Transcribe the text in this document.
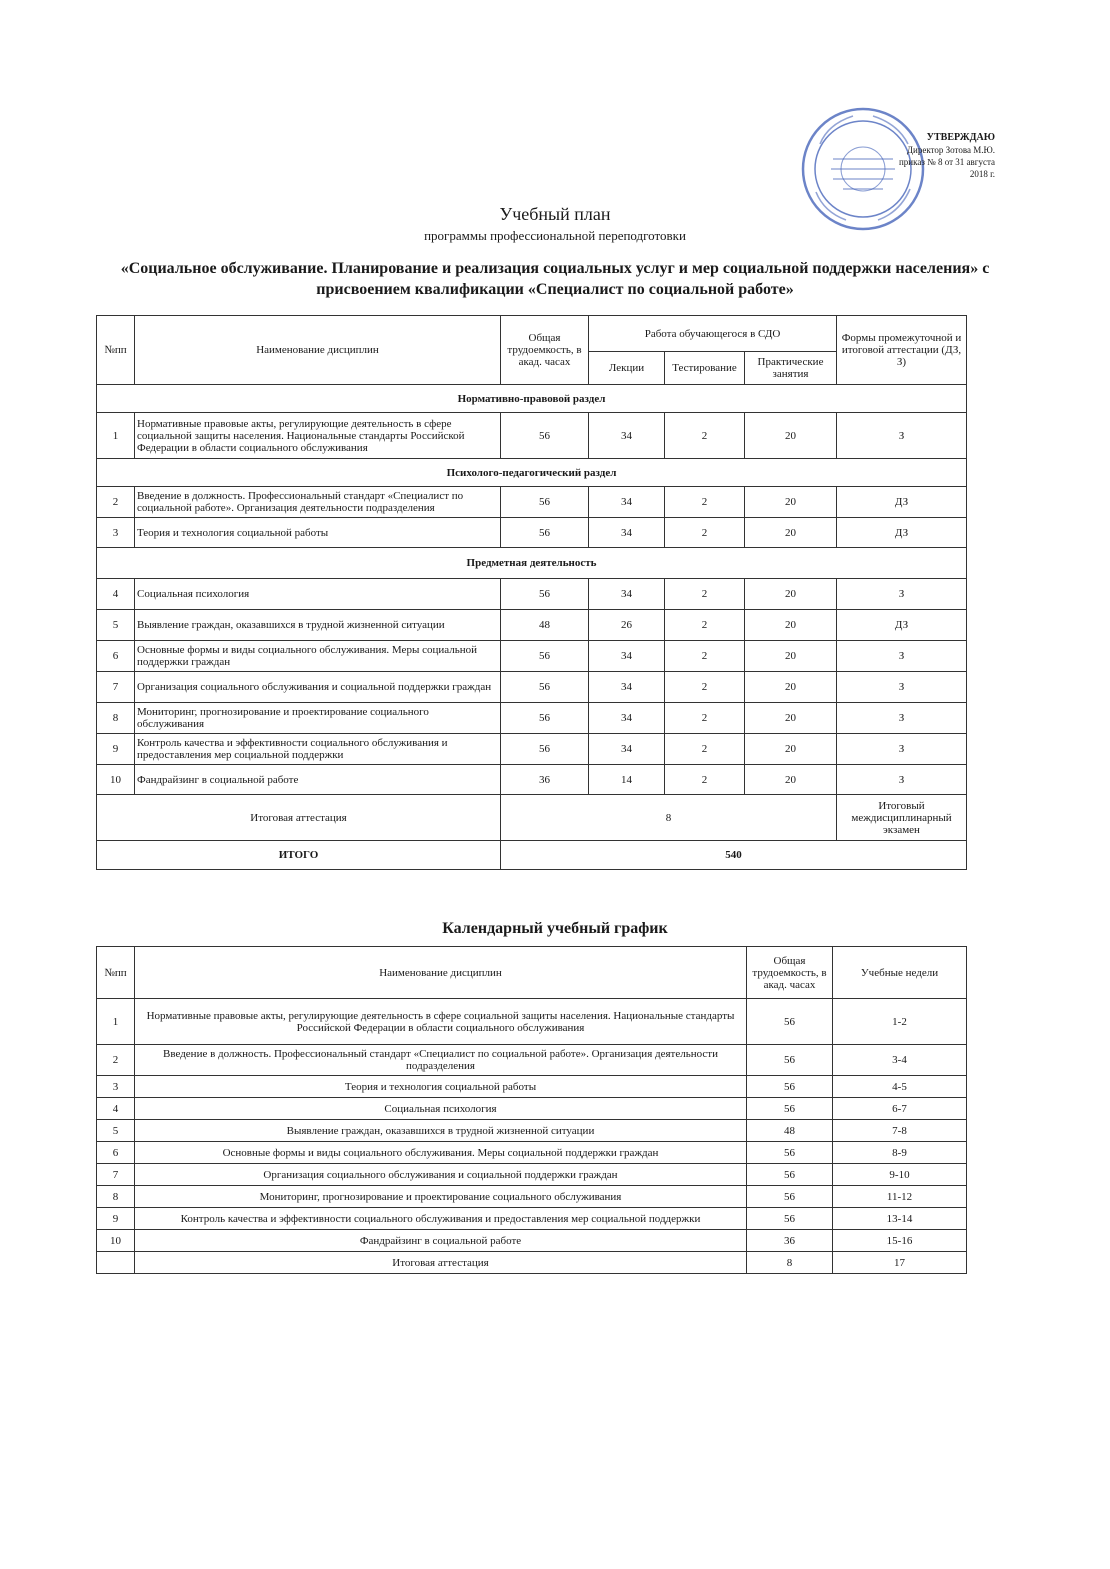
УТВЕРЖДАЮ
Директор Зотова М.Ю.
приказ № 8 от 31 августа 2018 г.
Учебный план
программы профессиональной переподготовки
«Социальное обслуживание. Планирование и реализация социальных услуг и мер социальной поддержки населения» с присвоением квалификации «Специалист по социальной работе»
№пп	Наименование дисциплин	Общая трудоемкость, в акад. часах	Работа обучающегося в СДО			Формы промежуточной и итоговой аттестации (ДЗ, З)
			Лекции	Тестирование	Практические занятия	
Нормативно-правовой раздел						
1	Нормативные правовые акты, регулирующие деятельность в сфере социальной защиты населения. Национальные стандарты Российской Федерации в области социального обслуживания	56	34	2	20	З
Психолого-педагогический раздел						
2	Введение в должность. Профессиональный стандарт «Специалист по социальной работе». Организация деятельности подразделения	56	34	2	20	ДЗ
3	Теория и технология социальной работы	56	34	2	20	ДЗ
Предметная деятельность						
4	Социальная психология	56	34	2	20	З
5	Выявление граждан, оказавшихся в трудной жизненной ситуации	48	26	2	20	ДЗ
6	Основные формы и виды социального обслуживания. Меры социальной поддержки граждан	56	34	2	20	З
7	Организация социального обслуживания и социальной поддержки граждан	56	34	2	20	З
8	Мониторинг, прогнозирование и проектирование социального обслуживания	56	34	2	20	З
9	Контроль качества и эффективности социального обслуживания и предоставления мер социальной поддержки	56	34	2	20	З
10	Фандрайзинг в социальной работе	36	14	2	20	З
Итоговая аттестация		8				Итоговый междисциплинарный экзамен
ИТОГО		540				
Календарный учебный график
№пп	Наименование дисциплин	Общая трудоемкость, в акад. часах	Учебные недели
1	Нормативные правовые акты, регулирующие деятельность в сфере социальной защиты населения. Национальные стандарты Российской Федерации в области социального обслуживания	56	1-2
2	Введение в должность. Профессиональный стандарт «Специалист по социальной работе». Организация деятельности подразделения	56	3-4
3	Теория и технология социальной работы	56	4-5
4	Социальная психология	56	6-7
5	Выявление граждан, оказавшихся в трудной жизненной ситуации	48	7-8
6	Основные формы и виды социального обслуживания. Меры социальной поддержки граждан	56	8-9
7	Организация социального обслуживания и социальной поддержки граждан	56	9-10
8	Мониторинг, прогнозирование и проектирование социального обслуживания	56	11-12
9	Контроль качества и эффективности социального обслуживания и предоставления мер социальной поддержки	56	13-14
10	Фандрайзинг в социальной работе	36	15-16
	Итоговая аттестация	8	17
